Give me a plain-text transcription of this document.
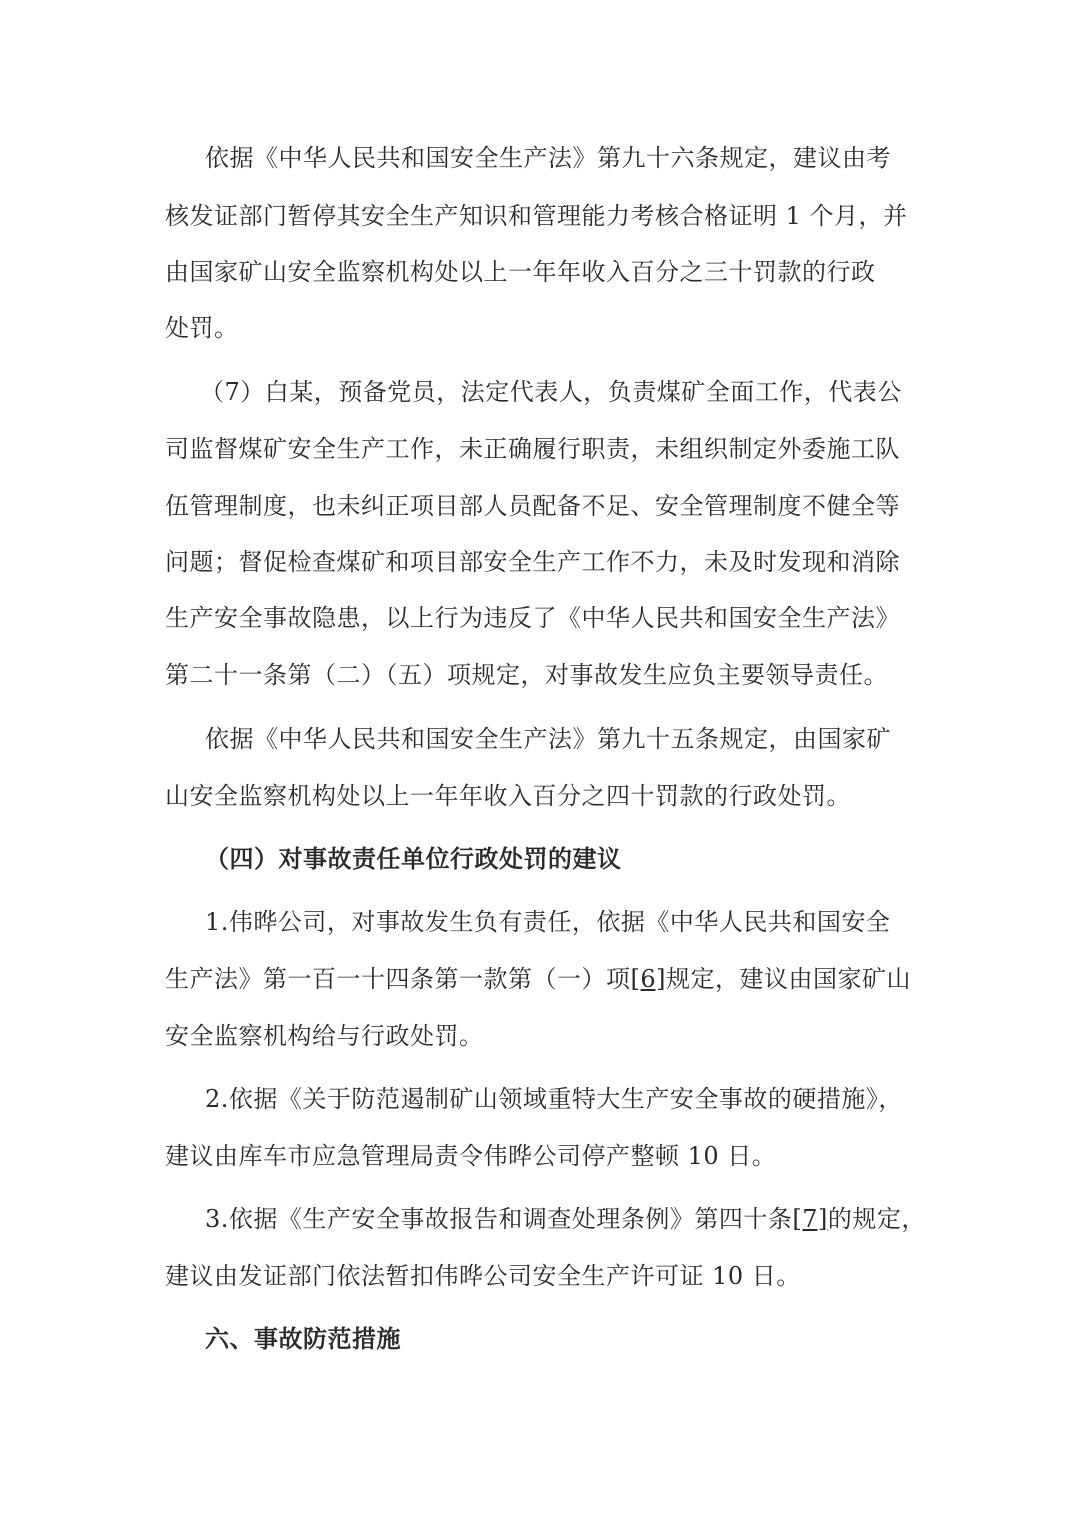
依据《中华人民共和国安全生产法》第九十六条规定，建议由考
核发证部门暂停其安全生产知识和管理能力考核合格证明 1 个月，并
由国家矿山安全监察机构处以上一年年收入百分之三十罚款的行政
处罚。
（7）白某，预备党员，法定代表人，负责煤矿全面工作，代表公
司监督煤矿安全生产工作，未正确履行职责，未组织制定外委施工队
伍管理制度，也未纠正项目部人员配备不足、安全管理制度不健全等
问题；督促检查煤矿和项目部安全生产工作不力，未及时发现和消除
生产安全事故隐患，以上行为违反了《中华人民共和国安全生产法》
第二十一条第（二）（五）项规定，对事故发生应负主要领导责任。
依据《中华人民共和国安全生产法》第九十五条规定，由国家矿
山安全监察机构处以上一年年收入百分之四十罚款的行政处罚。
（四）对事故责任单位行政处罚的建议
1.伟晔公司，对事故发生负有责任，依据《中华人民共和国安全
生产法》第一百一十四条第一款第（一）项[6]规定，建议由国家矿山
安全监察机构给与行政处罚。
2.依据《关于防范遏制矿山领域重特大生产安全事故的硬措施》，
建议由库车市应急管理局责令伟晔公司停产整顿 10 日。
3.依据《生产安全事故报告和调查处理条例》第四十条[7]的规定，
建议由发证部门依法暂扣伟晔公司安全生产许可证 10 日。
六、事故防范措施
